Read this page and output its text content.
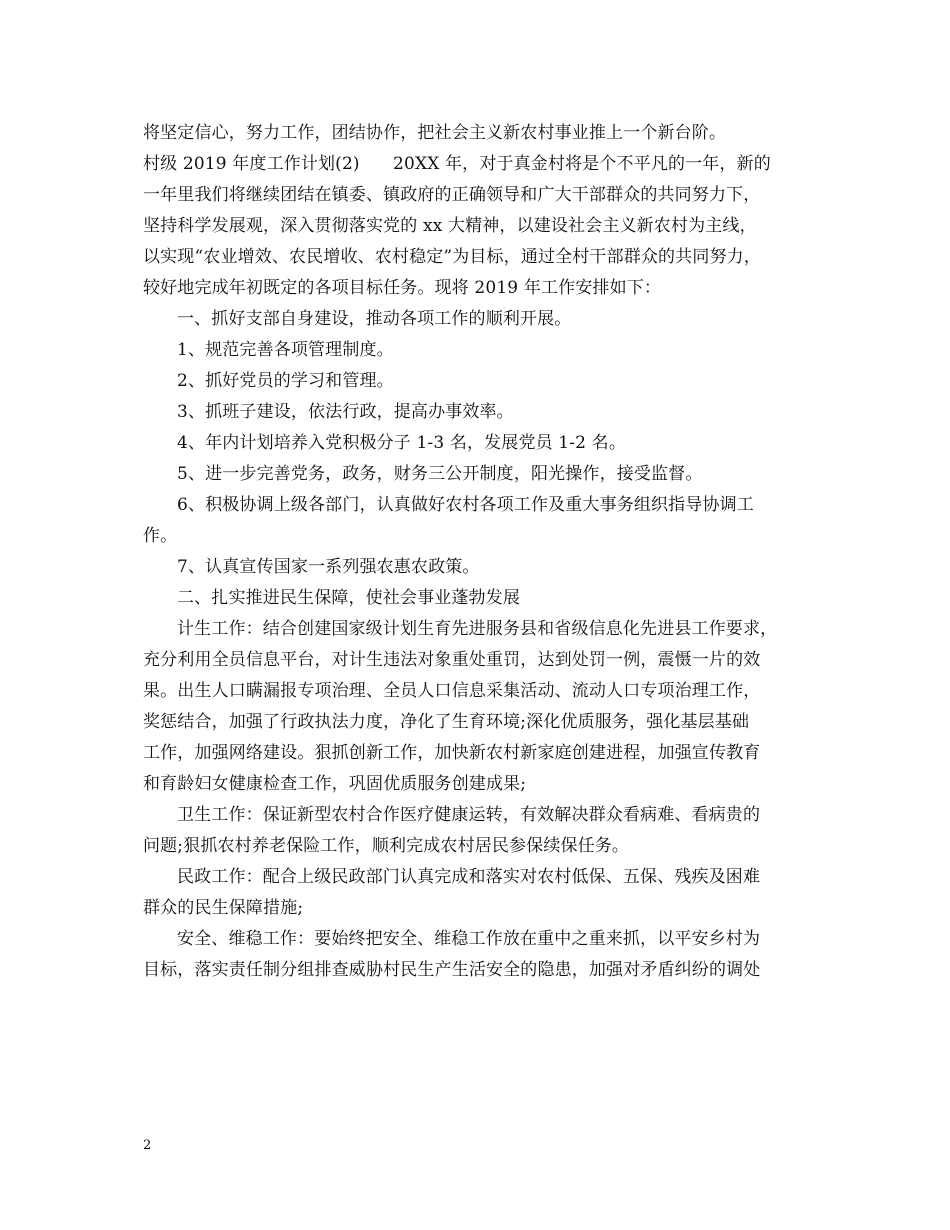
将坚定信心，努力工作，团结协作，把社会主义新农村事业推上一个新台阶。
村级 2019 年度工作计划(2)      20XX 年，对于真金村将是个不平凡的一年，新的
一年里我们将继续团结在镇委、镇政府的正确领导和广大干部群众的共同努力下，
坚持科学发展观，深入贯彻落实党的 xx 大精神，以建设社会主义新农村为主线，
以实现“农业增效、农民增收、农村稳定”为目标，通过全村干部群众的共同努力，
较好地完成年初既定的各项目标任务。现将 2019 年工作安排如下：
一、抓好支部自身建设，推动各项工作的顺利开展。
1、规范完善各项管理制度。
2、抓好党员的学习和管理。
3、抓班子建设，依法行政，提高办事效率。
4、年内计划培养入党积极分子 1-3 名，发展党员 1-2 名。
5、进一步完善党务，政务，财务三公开制度，阳光操作，接受监督。
6、积极协调上级各部门，认真做好农村各项工作及重大事务组织指导协调工
作。
7、认真宣传国家一系列强农惠农政策。
二、扎实推进民生保障，使社会事业蓬勃发展
计生工作：结合创建国家级计划生育先进服务县和省级信息化先进县工作要求，
充分利用全员信息平台，对计生违法对象重处重罚，达到处罚一例，震慑一片的效
果。出生人口瞒漏报专项治理、全员人口信息采集活动、流动人口专项治理工作，
奖惩结合，加强了行政执法力度，净化了生育环境;深化优质服务，强化基层基础
工作，加强网络建设。狠抓创新工作，加快新农村新家庭创建进程，加强宣传教育
和育龄妇女健康检查工作，巩固优质服务创建成果;
卫生工作：保证新型农村合作医疗健康运转，有效解决群众看病难、看病贵的
问题;狠抓农村养老保险工作，顺利完成农村居民参保续保任务。
民政工作：配合上级民政部门认真完成和落实对农村低保、五保、残疾及困难
群众的民生保障措施;
安全、维稳工作：要始终把安全、维稳工作放在重中之重来抓，以平安乡村为
目标，落实责任制分组排查威胁村民生产生活安全的隐患，加强对矛盾纠纷的调处
2
